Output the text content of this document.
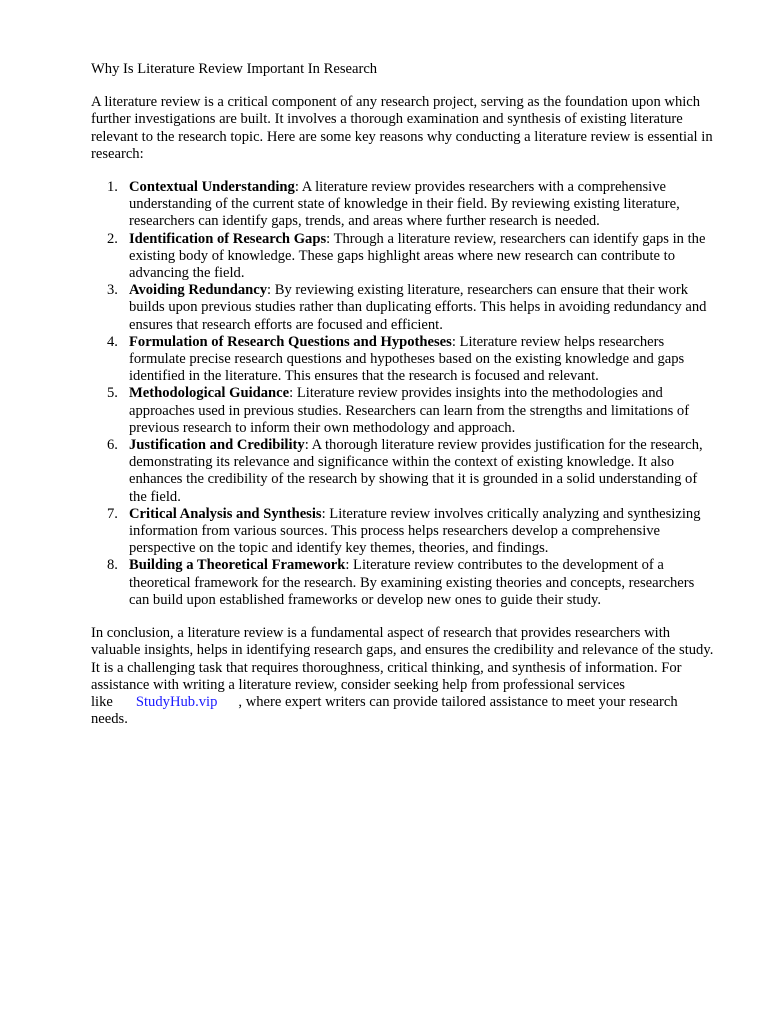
Why Is Literature Review Important In Research

A literature review is a critical component of any research project, serving as the foundation upon which further investigations are built. It involves a thorough examination and synthesis of existing literature relevant to the research topic. Here are some key reasons why conducting a literature review is essential in research:

1. Contextual Understanding: A literature review provides researchers with a comprehensive understanding of the current state of knowledge in their field. By reviewing existing literature, researchers can identify gaps, trends, and areas where further research is needed.
2. Identification of Research Gaps: Through a literature review, researchers can identify gaps in the existing body of knowledge. These gaps highlight areas where new research can contribute to advancing the field.
3. Avoiding Redundancy: By reviewing existing literature, researchers can ensure that their work builds upon previous studies rather than duplicating efforts. This helps in avoiding redundancy and ensures that research efforts are focused and efficient.
4. Formulation of Research Questions and Hypotheses: Literature review helps researchers formulate precise research questions and hypotheses based on the existing knowledge and gaps identified in the literature. This ensures that the research is focused and relevant.
5. Methodological Guidance: Literature review provides insights into the methodologies and approaches used in previous studies. Researchers can learn from the strengths and limitations of previous research to inform their own methodology and approach.
6. Justification and Credibility: A thorough literature review provides justification for the research, demonstrating its relevance and significance within the context of existing knowledge. It also enhances the credibility of the research by showing that it is grounded in a solid understanding of the field.
7. Critical Analysis and Synthesis: Literature review involves critically analyzing and synthesizing information from various sources. This process helps researchers develop a comprehensive perspective on the topic and identify key themes, theories, and findings.
8. Building a Theoretical Framework: Literature review contributes to the development of a theoretical framework for the research. By examining existing theories and concepts, researchers can build upon established frameworks or develop new ones to guide their study.

In conclusion, a literature review is a fundamental aspect of research that provides researchers with valuable insights, helps in identifying research gaps, and ensures the credibility and relevance of the study. It is a challenging task that requires thoroughness, critical thinking, and synthesis of information. For assistance with writing a literature review, consider seeking help from professional services like StudyHub.vip , where expert writers can provide tailored assistance to meet your research needs.
